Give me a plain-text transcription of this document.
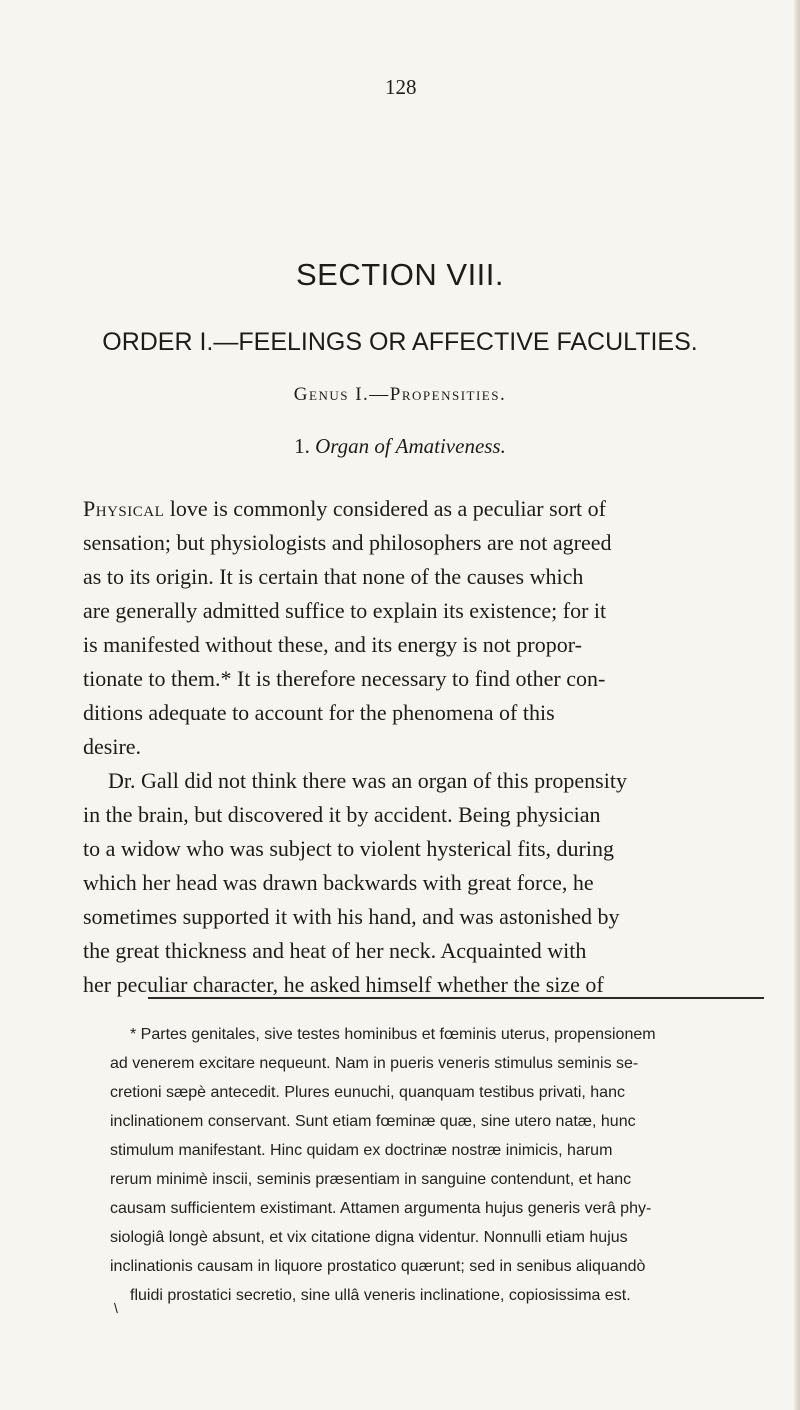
128
SECTION VIII.
ORDER I.—FEELINGS OR AFFECTIVE FACULTIES.
Genus I.—Propensities.
1. Organ of Amativeness.
Physical love is commonly considered as a peculiar sort of
sensation; but physiologists and philosophers are not agreed
as to its origin. It is certain that none of the causes which
are generally admitted suffice to explain its existence; for it
is manifested without these, and its energy is not propor-
tionate to them.* It is therefore necessary to find other con-
ditions adequate to account for the phenomena of this
desire.
Dr. Gall did not think there was an organ of this propensity
in the brain, but discovered it by accident. Being physician
to a widow who was subject to violent hysterical fits, during
which her head was drawn backwards with great force, he
sometimes supported it with his hand, and was astonished by
the great thickness and heat of her neck. Acquainted with
her peculiar character, he asked himself whether the size of
* Partes genitales, sive testes hominibus et fœminis uterus, propensionem
ad venerem excitare nequeunt. Nam in pueris veneris stimulus seminis se-
cretioni sæpè antecedit. Plures eunuchi, quanquam testibus privati, hanc
inclinationem conservant. Sunt etiam fœminæ quæ, sine utero natæ, hunc
stimulum manifestant. Hinc quidam ex doctrinæ nostræ inimicis, harum
rerum minimè inscii, seminis præsentiam in sanguine contendunt, et hanc
causam sufficientem existimant. Attamen argumenta hujus generis verâ phy-
siologiâ longè absunt, et vix citatione digna videntur. Nonnulli etiam hujus
inclinationis causam in liquore prostatico quærunt; sed in senibus aliquandò
fluidi prostatici secretio, sine ullâ veneris inclinatione, copiosissima est.
\
